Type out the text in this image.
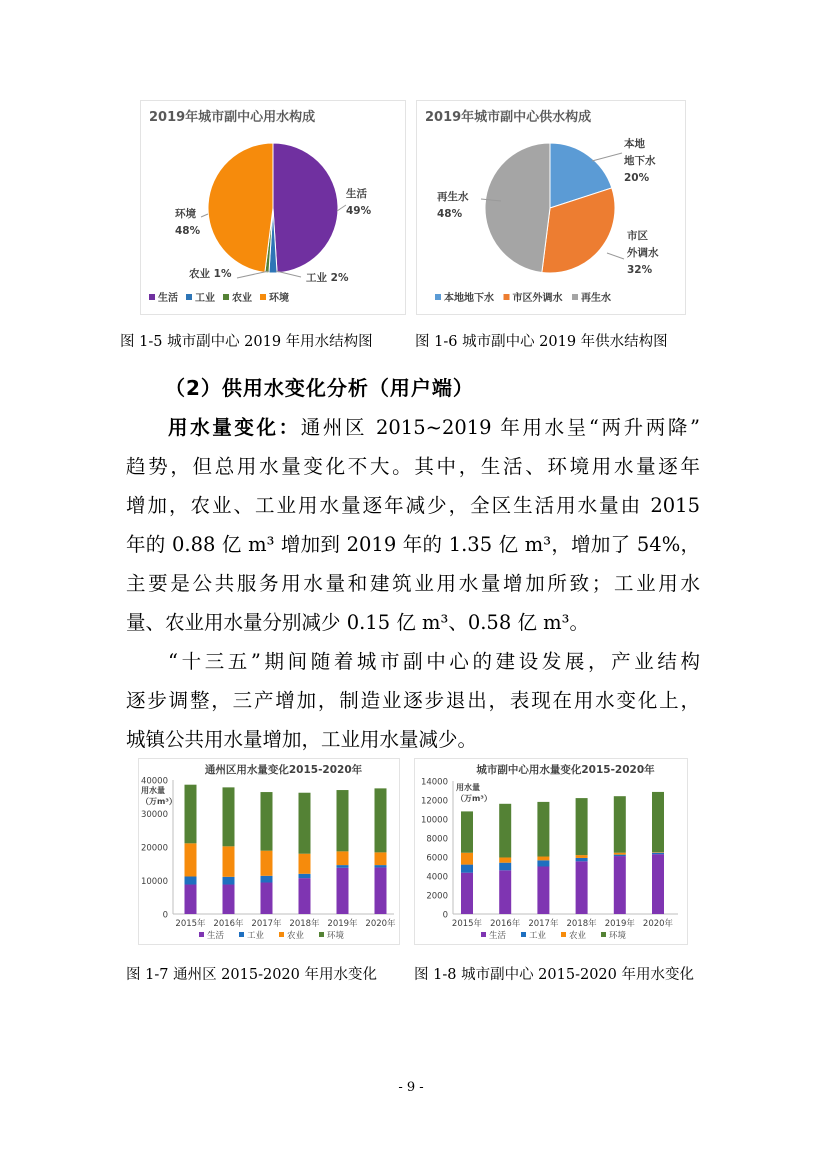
2019年城市副中心用水构成
生活
49%
工业 2%
农业 1%
环境
48%
生活 工业 农业 环境
2019年城市副中心供水构成
本地
地下水
20%
市区
外调水
32%
再生水
48%
本地地下水 市区外调水 再生水
图 1-5 城市副中心 2019 年用水结构图	图 1-6 城市副中心 2019 年供水结构图
（2）供用水变化分析（用户端）
用水量变化：通州区 2015~2019 年用水呈“两升两降”
趋势，但总用水量变化不大。其中，生活、环境用水量逐年
增加，农业、工业用水量逐年减少，全区生活用水量由 2015
年的 0.88 亿 m³ 增加到 2019 年的 1.35 亿 m³，增加了 54%，
主要是公共服务用水量和建筑业用水量增加所致；工业用水
量、农业用水量分别减少 0.15 亿 m³、0.58 亿 m³。
“十三五”期间随着城市副中心的建设发展，产业结构
逐步调整，三产增加，制造业逐步退出，表现在用水变化上，
城镇公共用水量增加，工业用水量减少。
通州区用水量变化2015-2020年
0
10000
20000
30000
40000
2015年 2016年 2017年 2018年 2019年 2020年
用水量
（万m³）
生活	工业	农业	环境
城市副中心用水量变化2015-2020年
0
2000
4000
6000
8000
10000
12000
14000
2015年 2016年 2017年 2018年 2019年 2020年
用水量
（万m³）
生活	工业	农业	环境
图 1-7 通州区 2015-2020 年用水变化	图 1-8 城市副中心 2015-2020 年用水变化
- 9 -
